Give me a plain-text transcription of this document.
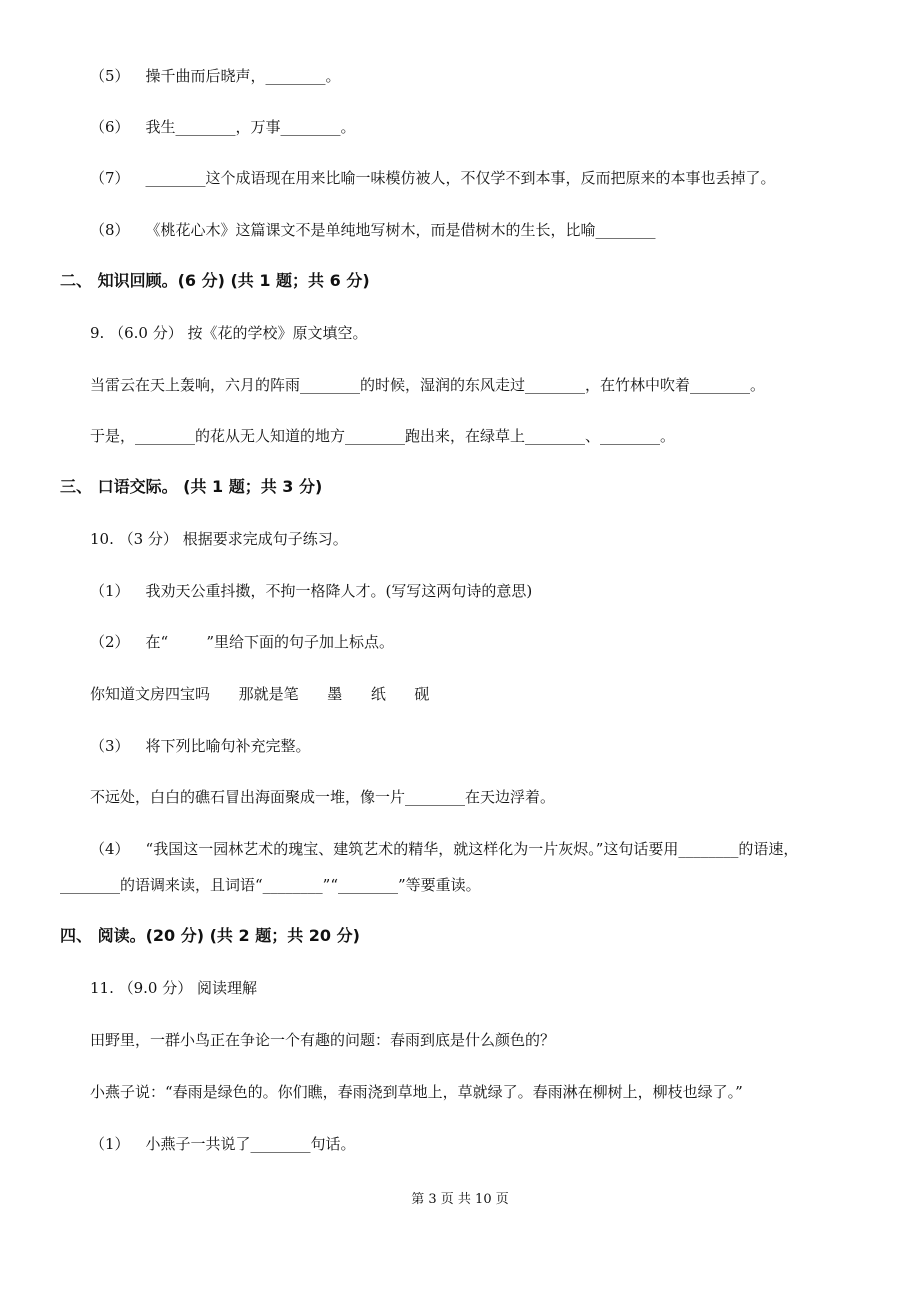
（5） 操千曲而后晓声，________。
（6） 我生________，万事________。
（7） ________这个成语现在用来比喻一味模仿被人，不仅学不到本事，反而把原来的本事也丢掉了。
（8） 《桃花心木》这篇课文不是单纯地写树木，而是借树木的生长，比喻________
二、 知识回顾。(6 分) (共 1 题；共 6 分)
9. （6.0 分） 按《花的学校》原文填空。
当雷云在天上轰响，六月的阵雨________的时候，湿润的东风走过________，在竹林中吹着________。
于是，________的花从无人知道的地方________跑出来，在绿草上________、________。
三、 口语交际。 (共 1 题；共 3 分)
10. （3 分） 根据要求完成句子练习。
（1） 我劝天公重抖擞，不拘一格降人才。(写写这两句诗的意思)
（2） 在“        ”里给下面的句子加上标点。
你知道文房四宝吗      那就是笔      墨      纸      砚
（3） 将下列比喻句补充完整。
不远处，白白的礁石冒出海面聚成一堆，像一片________在天边浮着。
（4） “我国这一园林艺术的瑰宝、建筑艺术的精华，就这样化为一片灰烬。”这句话要用________的语速，
________的语调来读，且词语“________”“________”等要重读。
四、 阅读。(20 分) (共 2 题；共 20 分)
11. （9.0 分） 阅读理解
田野里，一群小鸟正在争论一个有趣的问题：春雨到底是什么颜色的？
小燕子说：“春雨是绿色的。你们瞧，春雨浇到草地上，草就绿了。春雨淋在柳树上，柳枝也绿了。”
（1） 小燕子一共说了________句话。
第 3 页 共 10 页
